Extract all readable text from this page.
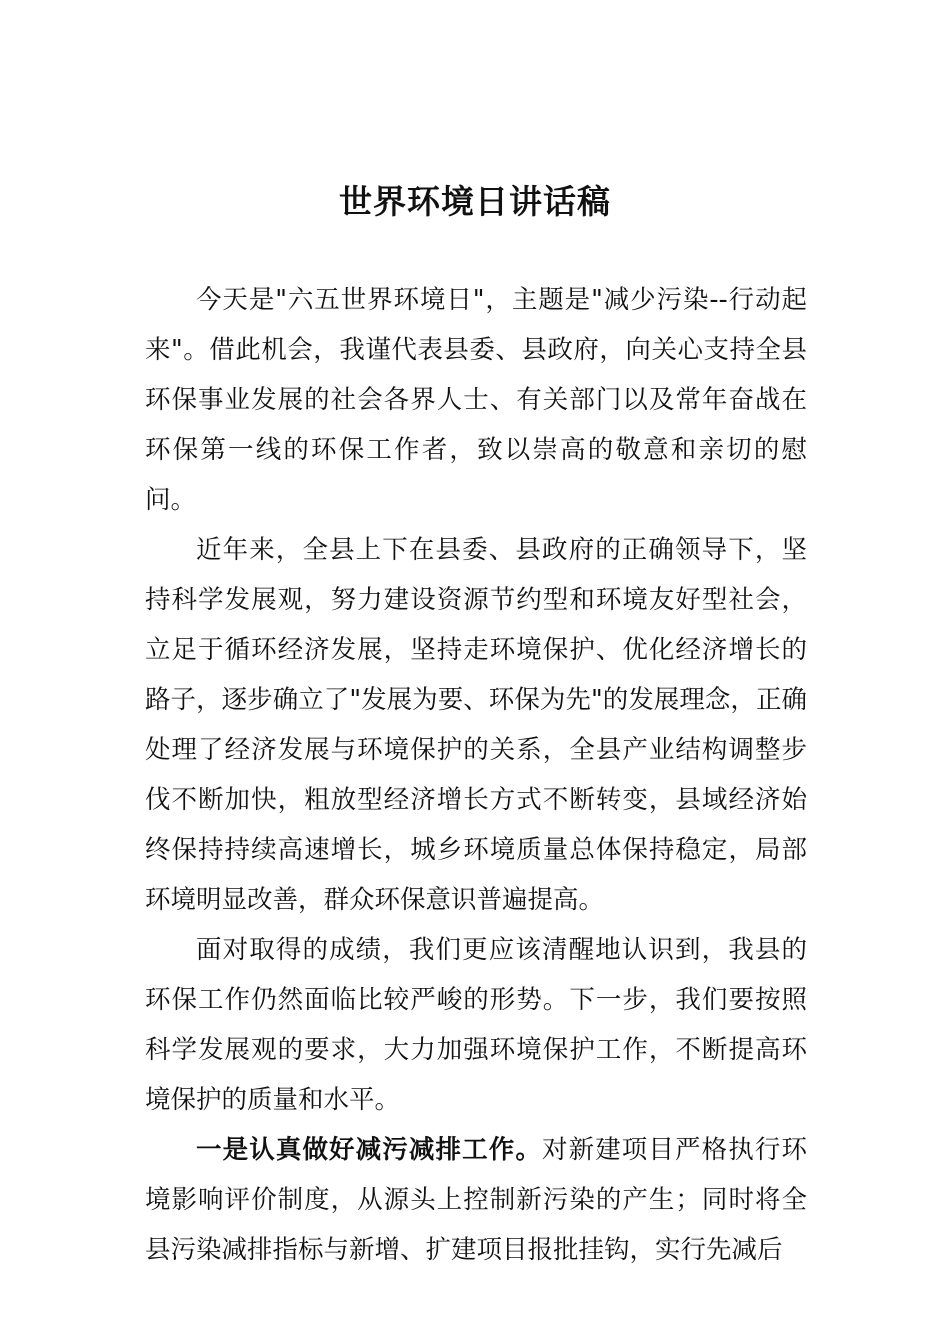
世界环境日讲话稿

今天是"六五世界环境日"，主题是"减少污染--行动起来"。借此机会，我谨代表县委、县政府，向关心支持全县环保事业发展的社会各界人士、有关部门以及常年奋战在环保第一线的环保工作者，致以崇高的敬意和亲切的慰问。

近年来，全县上下在县委、县政府的正确领导下，坚持科学发展观，努力建设资源节约型和环境友好型社会，立足于循环经济发展，坚持走环境保护、优化经济增长的路子，逐步确立了"发展为要、环保为先"的发展理念，正确处理了经济发展与环境保护的关系，全县产业结构调整步伐不断加快，粗放型经济增长方式不断转变，县域经济始终保持持续高速增长，城乡环境质量总体保持稳定，局部环境明显改善，群众环保意识普遍提高。

面对取得的成绩，我们更应该清醒地认识到，我县的环保工作仍然面临比较严峻的形势。下一步，我们要按照科学发展观的要求，大力加强环境保护工作，不断提高环境保护的质量和水平。

一是认真做好减污减排工作。对新建项目严格执行环境影响评价制度，从源头上控制新污染的产生；同时将全县污染减排指标与新增、扩建项目报批挂钩，实行先减后
